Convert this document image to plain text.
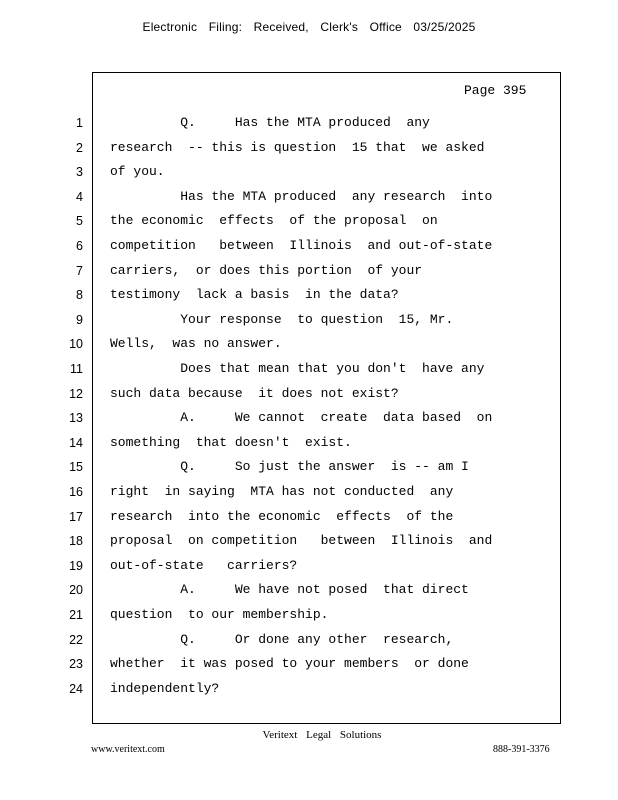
Electronic Filing: Received, Clerk's Office 03/25/2025
Page 395
1 Q.     Has the MTA produced  any
2 research  -- this is question  15 that  we asked
3 of you.
4 Has the MTA produced  any research  into
5 the economic  effects  of the proposal  on
6 competition   between  Illinois  and out-of-state
7 carriers,  or does this portion  of your
8 testimony  lack a basis  in the data?
9 Your response  to question  15, Mr.
10 Wells,  was no answer.
11 Does that mean that you don't  have any
12 such data because  it does not exist?
13 A.     We cannot  create  data based  on
14 something  that doesn't  exist.
15 Q.     So just the answer  is -- am I
16 right  in saying  MTA has not conducted  any
17 research  into the economic  effects  of the
18 proposal  on competition   between  Illinois  and
19 out-of-state   carriers?
20 A.     We have not posed  that direct
21 question  to our membership.
22 Q.     Or done any other  research,
23 whether  it was posed to your members  or done
24 independently?
Veritext Legal Solutions
www.veritext.com	888-391-3376
